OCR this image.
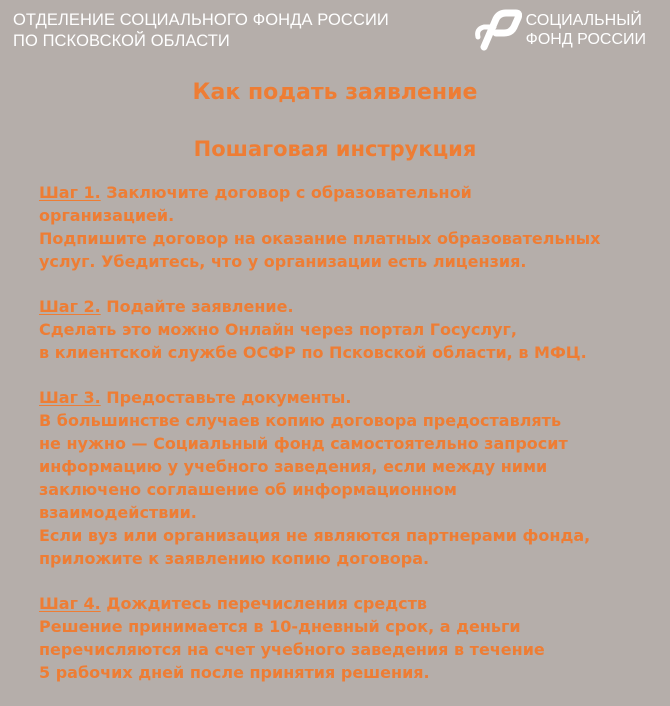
ОТДЕЛЕНИЕ СОЦИАЛЬНОГО ФОНДА РОССИИ
ПО ПСКОВСКОЙ ОБЛАСТИ
СОЦИАЛЬНЫЙ
ФОНД РОССИИ
Как подать заявление
Пошаговая инструкция
Шаг 1. Заключите договор с образовательной
организацией.
Подпишите договор на оказание платных образовательных
услуг. Убедитесь, что у организации есть лицензия.
Шаг 2. Подайте заявление.
Сделать это можно Онлайн через портал Госуслуг,
в клиентской службе ОСФР по Псковской области, в МФЦ.
Шаг 3. Предоставьте документы.
В большинстве случаев копию договора предоставлять
не нужно — Социальный фонд самостоятельно запросит
информацию у учебного заведения, если между ними
заключено соглашение об информационном
взаимодействии.
Если вуз или организация не являются партнерами фонда,
приложите к заявлению копию договора.
Шаг 4. Дождитесь перечисления средств
Решение принимается в 10-дневный срок, а деньги
перечисляются на счет учебного заведения в течение
5 рабочих дней после принятия решения.
